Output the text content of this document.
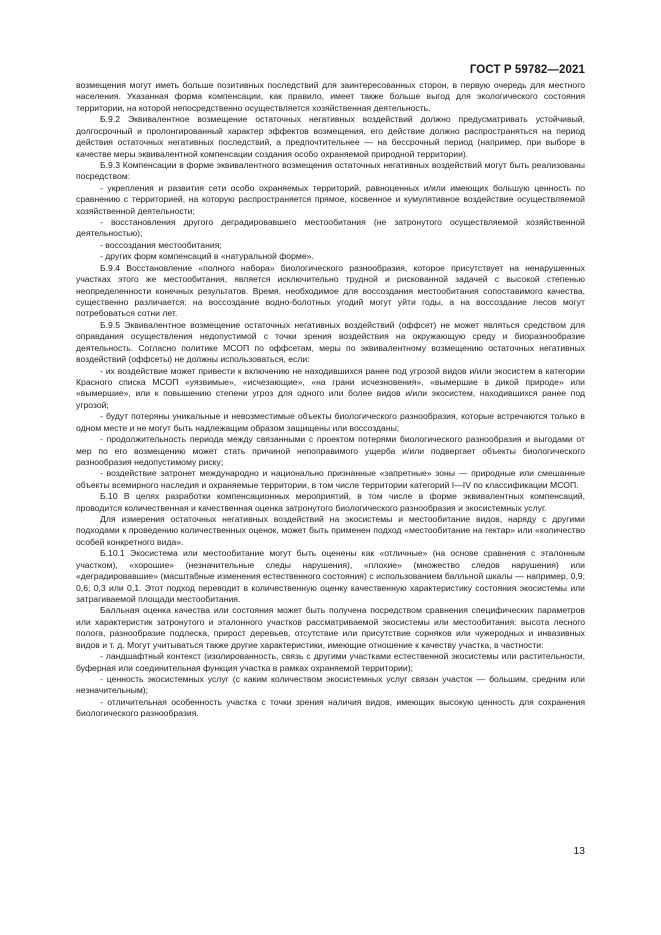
ГОСТ Р 59782—2021

возмещения могут иметь больше позитивных последствий для заинтересованных сторон, в первую очередь для местного населения. Указанная форма компенсации, как правило, имеет также больше выгод для экологического состояния территории, на которой непосредственно осуществляется хозяйственная деятельность.

Б.9.2 Эквивалентное возмещение остаточных негативных воздействий должно предусматривать устойчивый, долгосрочный и пролонгированный характер эффектов возмещения, его действие должно распространяться на период действия остаточных негативных последствий, а предпочтительнее — на бессрочный период (например, при выборе в качестве меры эквивалентной компенсации создания особо охраняемой природной территории).

Б.9.3 Компенсации в форме эквивалентного возмещения остаточных негативных воздействий могут быть реализованы посредством:

- укрепления и развития сети особо охраняемых территорий, равноценных и/или имеющих большую ценность по сравнению с территорией, на которую распространяется прямое, косвенное и кумулятивное воздействие осуществляемой хозяйственной деятельности;

- восстановления другого деградировавшего местообитания (не затронутого осуществляемой хозяйственной деятельностью);

- воссоздания местообитания;

- других форм компенсаций в «натуральной форме».

Б.9.4 Восстановление «полного набора» биологического разнообразия, которое присутствует на ненарушенных участках этого же местообитания, является исключительно трудной и рискованной задачей с высокой степенью неопределенности конечных результатов. Время, необходимое для воссоздания местообитания сопоставимого качества, существенно различается: на воссоздание водно-болотных угодий могут уйти годы, а на воссоздание лесов могут потребоваться сотни лет.

Б.9.5 Эквивалентное возмещение остаточных негативных воздействий (оффсет) не может являться средством для оправдания осуществления недопустимой с точки зрения воздействия на окружающую среду и биоразнообразие деятельность. Согласно политике МСОП по оффсетам, меры по эквивалентному возмещению остаточных негативных воздействий (оффсеты) не должны использоваться, если:

- их воздействие может привести к включению не находившихся ранее под угрозой видов и/или экосистем в категории Красного списка МСОП «уязвимые», «исчезающие», «на грани исчезновения», «вымершие в дикой природе» или «вымершие», или к повышению степени угроз для одного или более видов и/или экосистем, находившихся ранее под угрозой;

- будут потеряны уникальные и невозместимые объекты биологического разнообразия, которые встречаются только в одном месте и не могут быть надлежащим образом защищены или воссозданы;

- продолжительность периода между связанными с проектом потерями биологического разнообразия и выгодами от мер по его возмещению может стать причиной непоправимого ущерба и/или подвергает объекты биологического разнообразия недопустимому риску;

- воздействие затронет международно и национально признанные «запретные» зоны — природные или смешанные объекты всемирного наследия и охраняемые территории, в том числе территории категорий I—IV по классификации МСОП.

Б.10 В целях разработки компенсационных мероприятий, в том числе в форме эквивалентных компенсаций, проводится количественная и качественная оценка затронутого биологического разнообразия и экосистемных услуг.

Для измерения остаточных негативных воздействий на экосистемы и местообитание видов, наряду с другими подходами к проведению количественных оценок, может быть применен подход «местообитание на гектар» или «количество особей конкретного вида».

Б.10.1 Экосистема или местообитание могут быть оценены как «отличные» (на основе сравнения с эталонным участком), «хорошие» (незначительные следы нарушения), «плохие» (множество следов нарушения) или «деградировавшие» (масштабные изменения естественного состояния) с использованием балльной шкалы — например, 0,9; 0,6; 0,3 или 0,1. Этот подход переводит в количественную оценку качественную характеристику состояния экосистемы или затрагиваемой площади местообитания.

Балльная оценка качества или состояния может быть получена посредством сравнения специфических параметров или характеристик затронутого и эталонного участков рассматриваемой экосистемы или местообитания: высота лесного полога, разнообразие подлеска, прирост деревьев, отсутствие или присутствие сорняков или чужеродных и инвазивных видов и т. д. Могут учитываться также другие характеристики, имеющие отношение к качеству участка, в частности:

- ландшафтный контекст (изолированность, связь с другими участками естественной экосистемы или растительности, буферная или соединительная функция участка в рамках охраняемой территории);

- ценность экосистемных услуг (с каким количеством экосистемных услуг связан участок — большим, средним или незначительным);

- отличительная особенность участка с точки зрения наличия видов, имеющих высокую ценность для сохранения биологического разнообразия.

13
